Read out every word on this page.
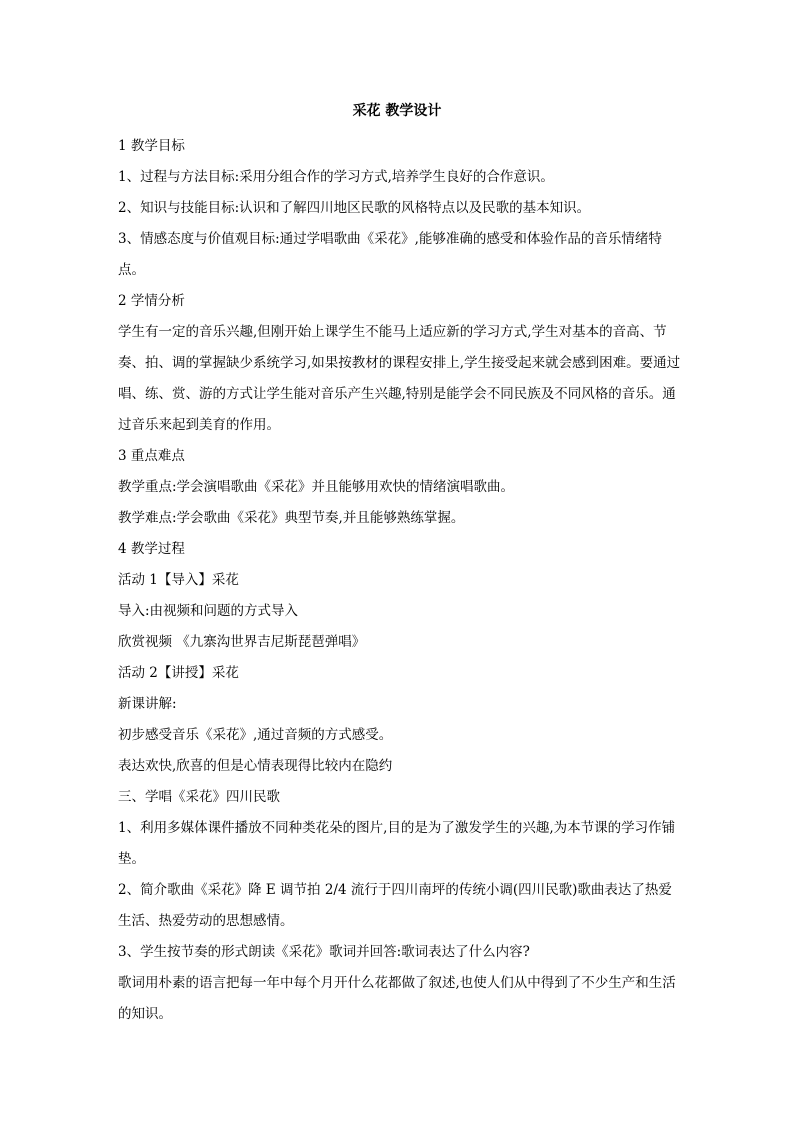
采花 教学设计

1 教学目标

1、过程与方法目标:采用分组合作的学习方式,培养学生良好的合作意识。

2、知识与技能目标:认识和了解四川地区民歌的风格特点以及民歌的基本知识。

3、情感态度与价值观目标:通过学唱歌曲《采花》,能够准确的感受和体验作品的音乐情绪特点。

2 学情分析

学生有一定的音乐兴趣,但刚开始上课学生不能马上适应新的学习方式,学生对基本的音高、节奏、拍、调的掌握缺少系统学习,如果按教材的课程安排上,学生接受起来就会感到困难。要通过唱、练、赏、游的方式让学生能对音乐产生兴趣,特别是能学会不同民族及不同风格的音乐。通过音乐来起到美育的作用。

3 重点难点

教学重点:学会演唱歌曲《采花》并且能够用欢快的情绪演唱歌曲。

教学难点:学会歌曲《采花》典型节奏,并且能够熟练掌握。

4 教学过程

活动 1【导入】采花

导入:由视频和问题的方式导入

欣赏视频 《九寨沟世界吉尼斯琵琶弹唱》

活动 2【讲授】采花

新课讲解:

初步感受音乐《采花》,通过音频的方式感受。

表达欢快,欣喜的但是心情表现得比较内在隐约

三、学唱《采花》四川民歌

1、利用多媒体课件播放不同种类花朵的图片,目的是为了激发学生的兴趣,为本节课的学习作铺垫。

2、简介歌曲《采花》降 E 调节拍 2/4 流行于四川南坪的传统小调(四川民歌)歌曲表达了热爱生活、热爱劳动的思想感情。

3、学生按节奏的形式朗读《采花》歌词并回答:歌词表达了什么内容?

歌词用朴素的语言把每一年中每个月开什么花都做了叙述,也使人们从中得到了不少生产和生活的知识。
